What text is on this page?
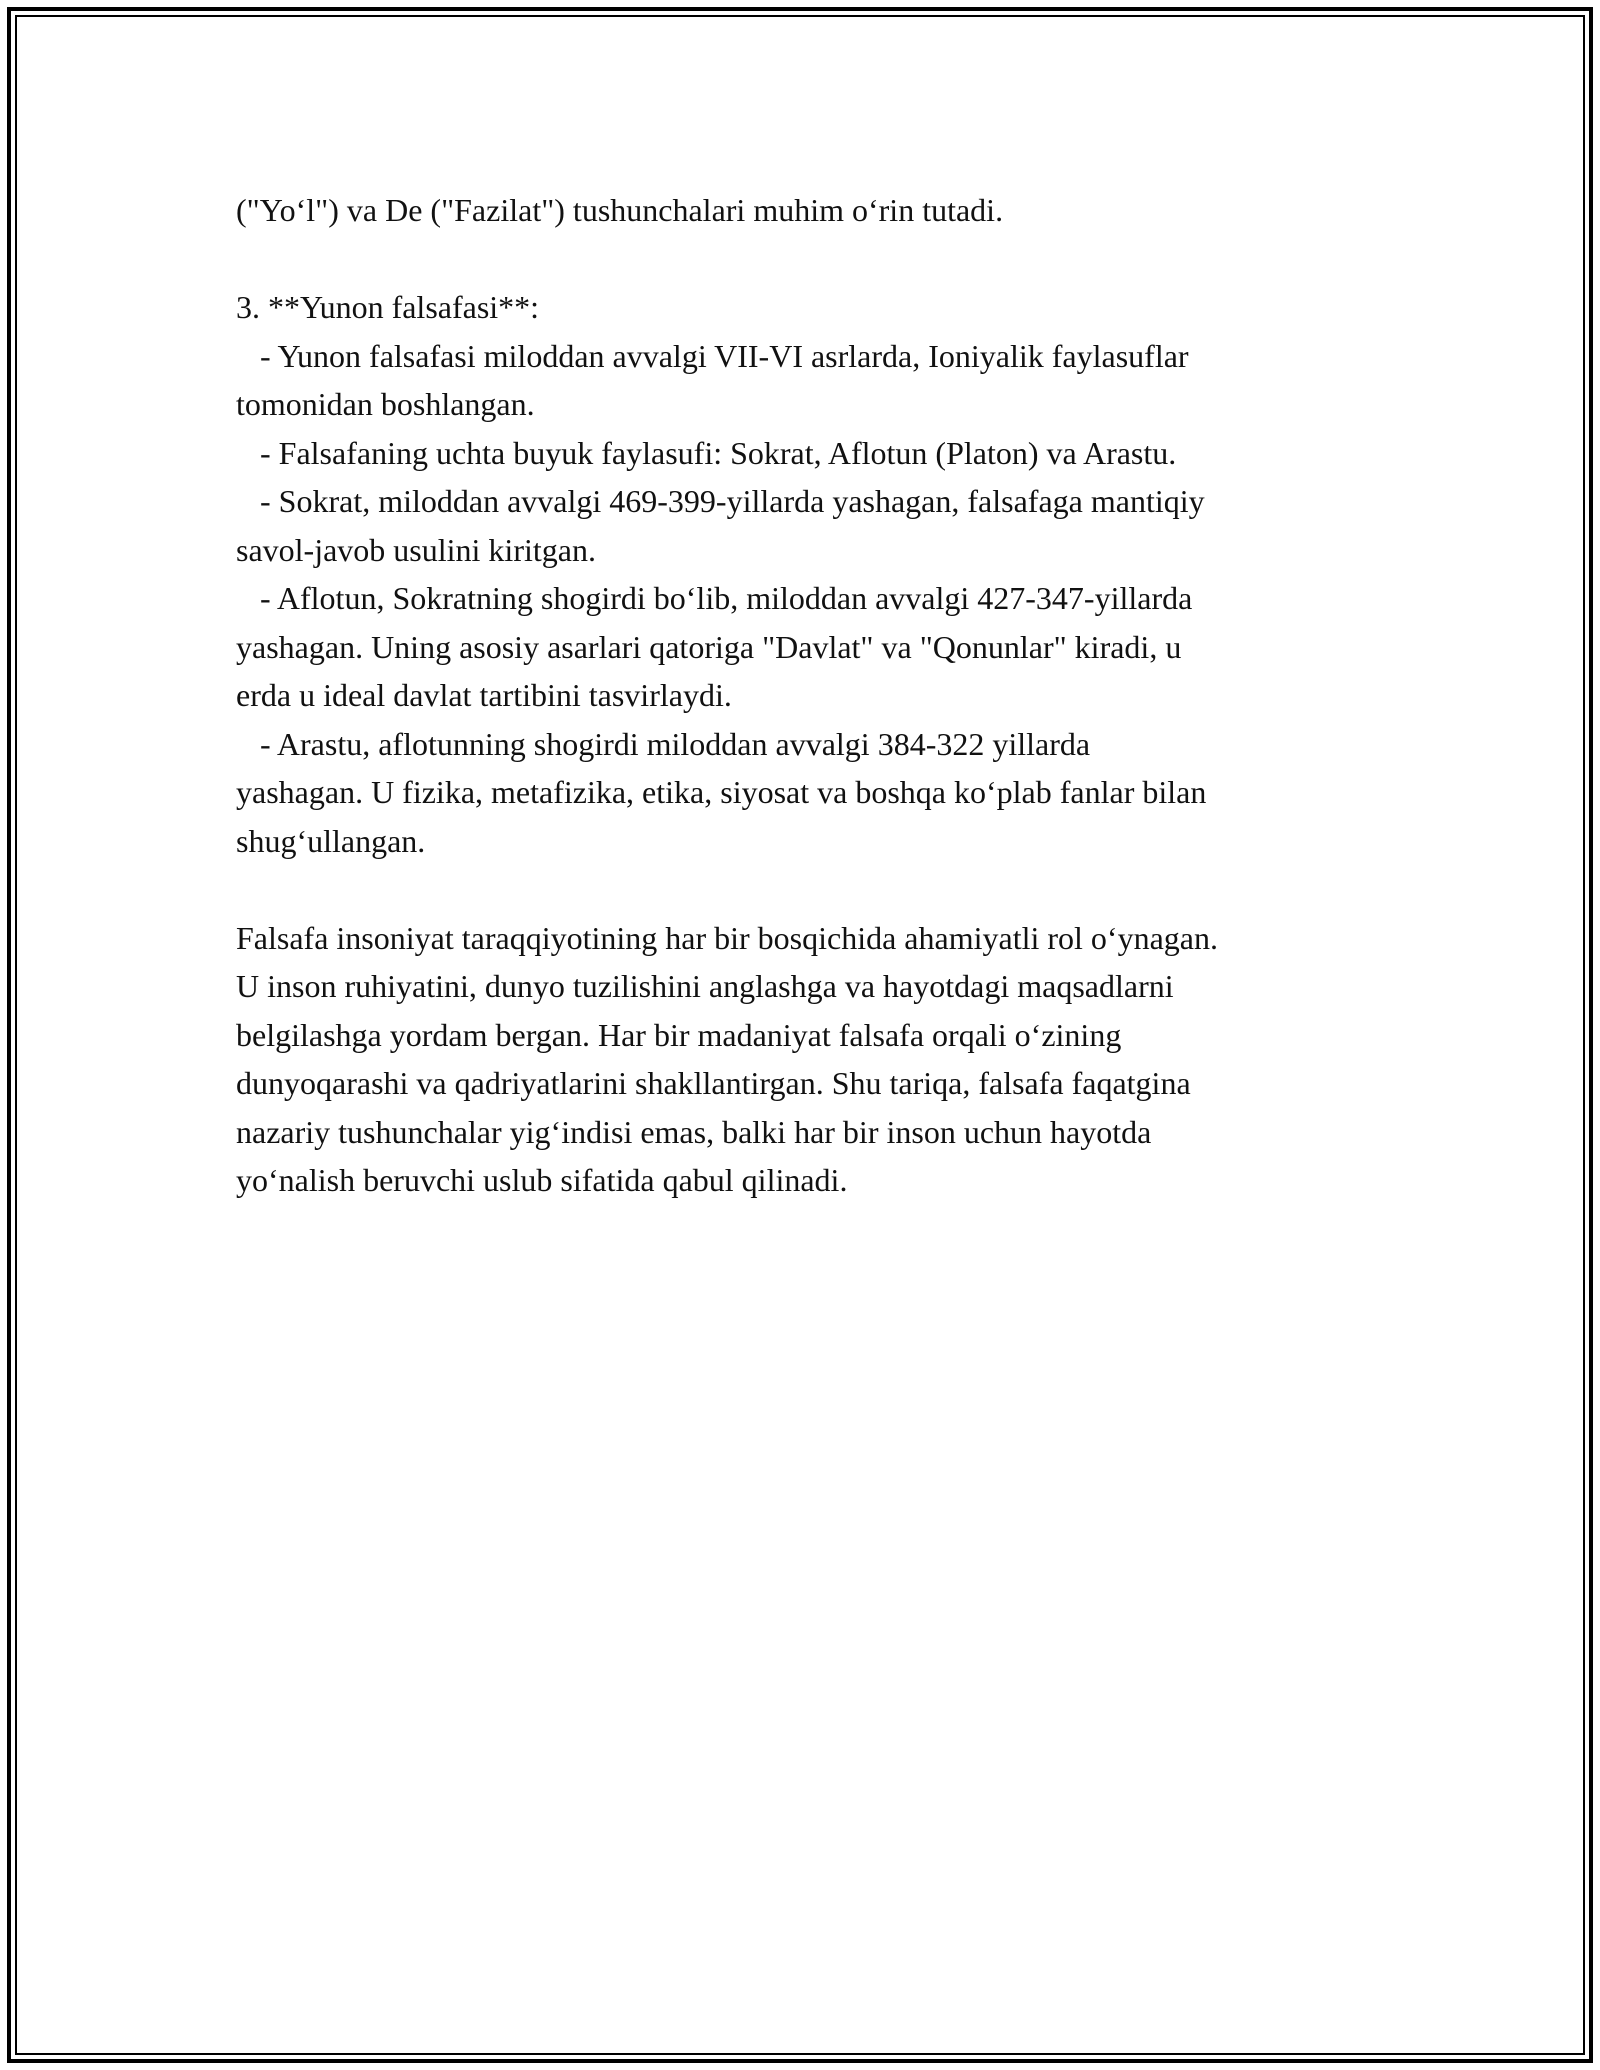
("Yo‘l") va De ("Fazilat") tushunchalari muhim o‘rin tutadi.
3. **Yunon falsafasi**:
- Yunon falsafasi miloddan avvalgi VII-VI asrlarda, Ioniyalik faylasuflar
tomonidan boshlangan.
- Falsafaning uchta buyuk faylasufi: Sokrat, Aflotun (Platon) va Arastu.
- Sokrat, miloddan avvalgi 469-399-yillarda yashagan, falsafaga mantiqiy
savol-javob usulini kiritgan.
- Aflotun, Sokratning shogirdi bo‘lib, miloddan avvalgi 427-347-yillarda
yashagan. Uning asosiy asarlari qatoriga "Davlat" va "Qonunlar" kiradi, u
erda u ideal davlat tartibini tasvirlaydi.
- Arastu, aflotunning shogirdi miloddan avvalgi 384-322 yillarda
yashagan. U fizika, metafizika, etika, siyosat va boshqa ko‘plab fanlar bilan
shug‘ullangan.
Falsafa insoniyat taraqqiyotining har bir bosqichida ahamiyatli rol o‘ynagan.
U inson ruhiyatini, dunyo tuzilishini anglashga va hayotdagi maqsadlarni
belgilashga yordam bergan. Har bir madaniyat falsafa orqali o‘zining
dunyoqarashi va qadriyatlarini shakllantirgan. Shu tariqa, falsafa faqatgina
nazariy tushunchalar yig‘indisi emas, balki har bir inson uchun hayotda
yo‘nalish beruvchi uslub sifatida qabul qilinadi.
